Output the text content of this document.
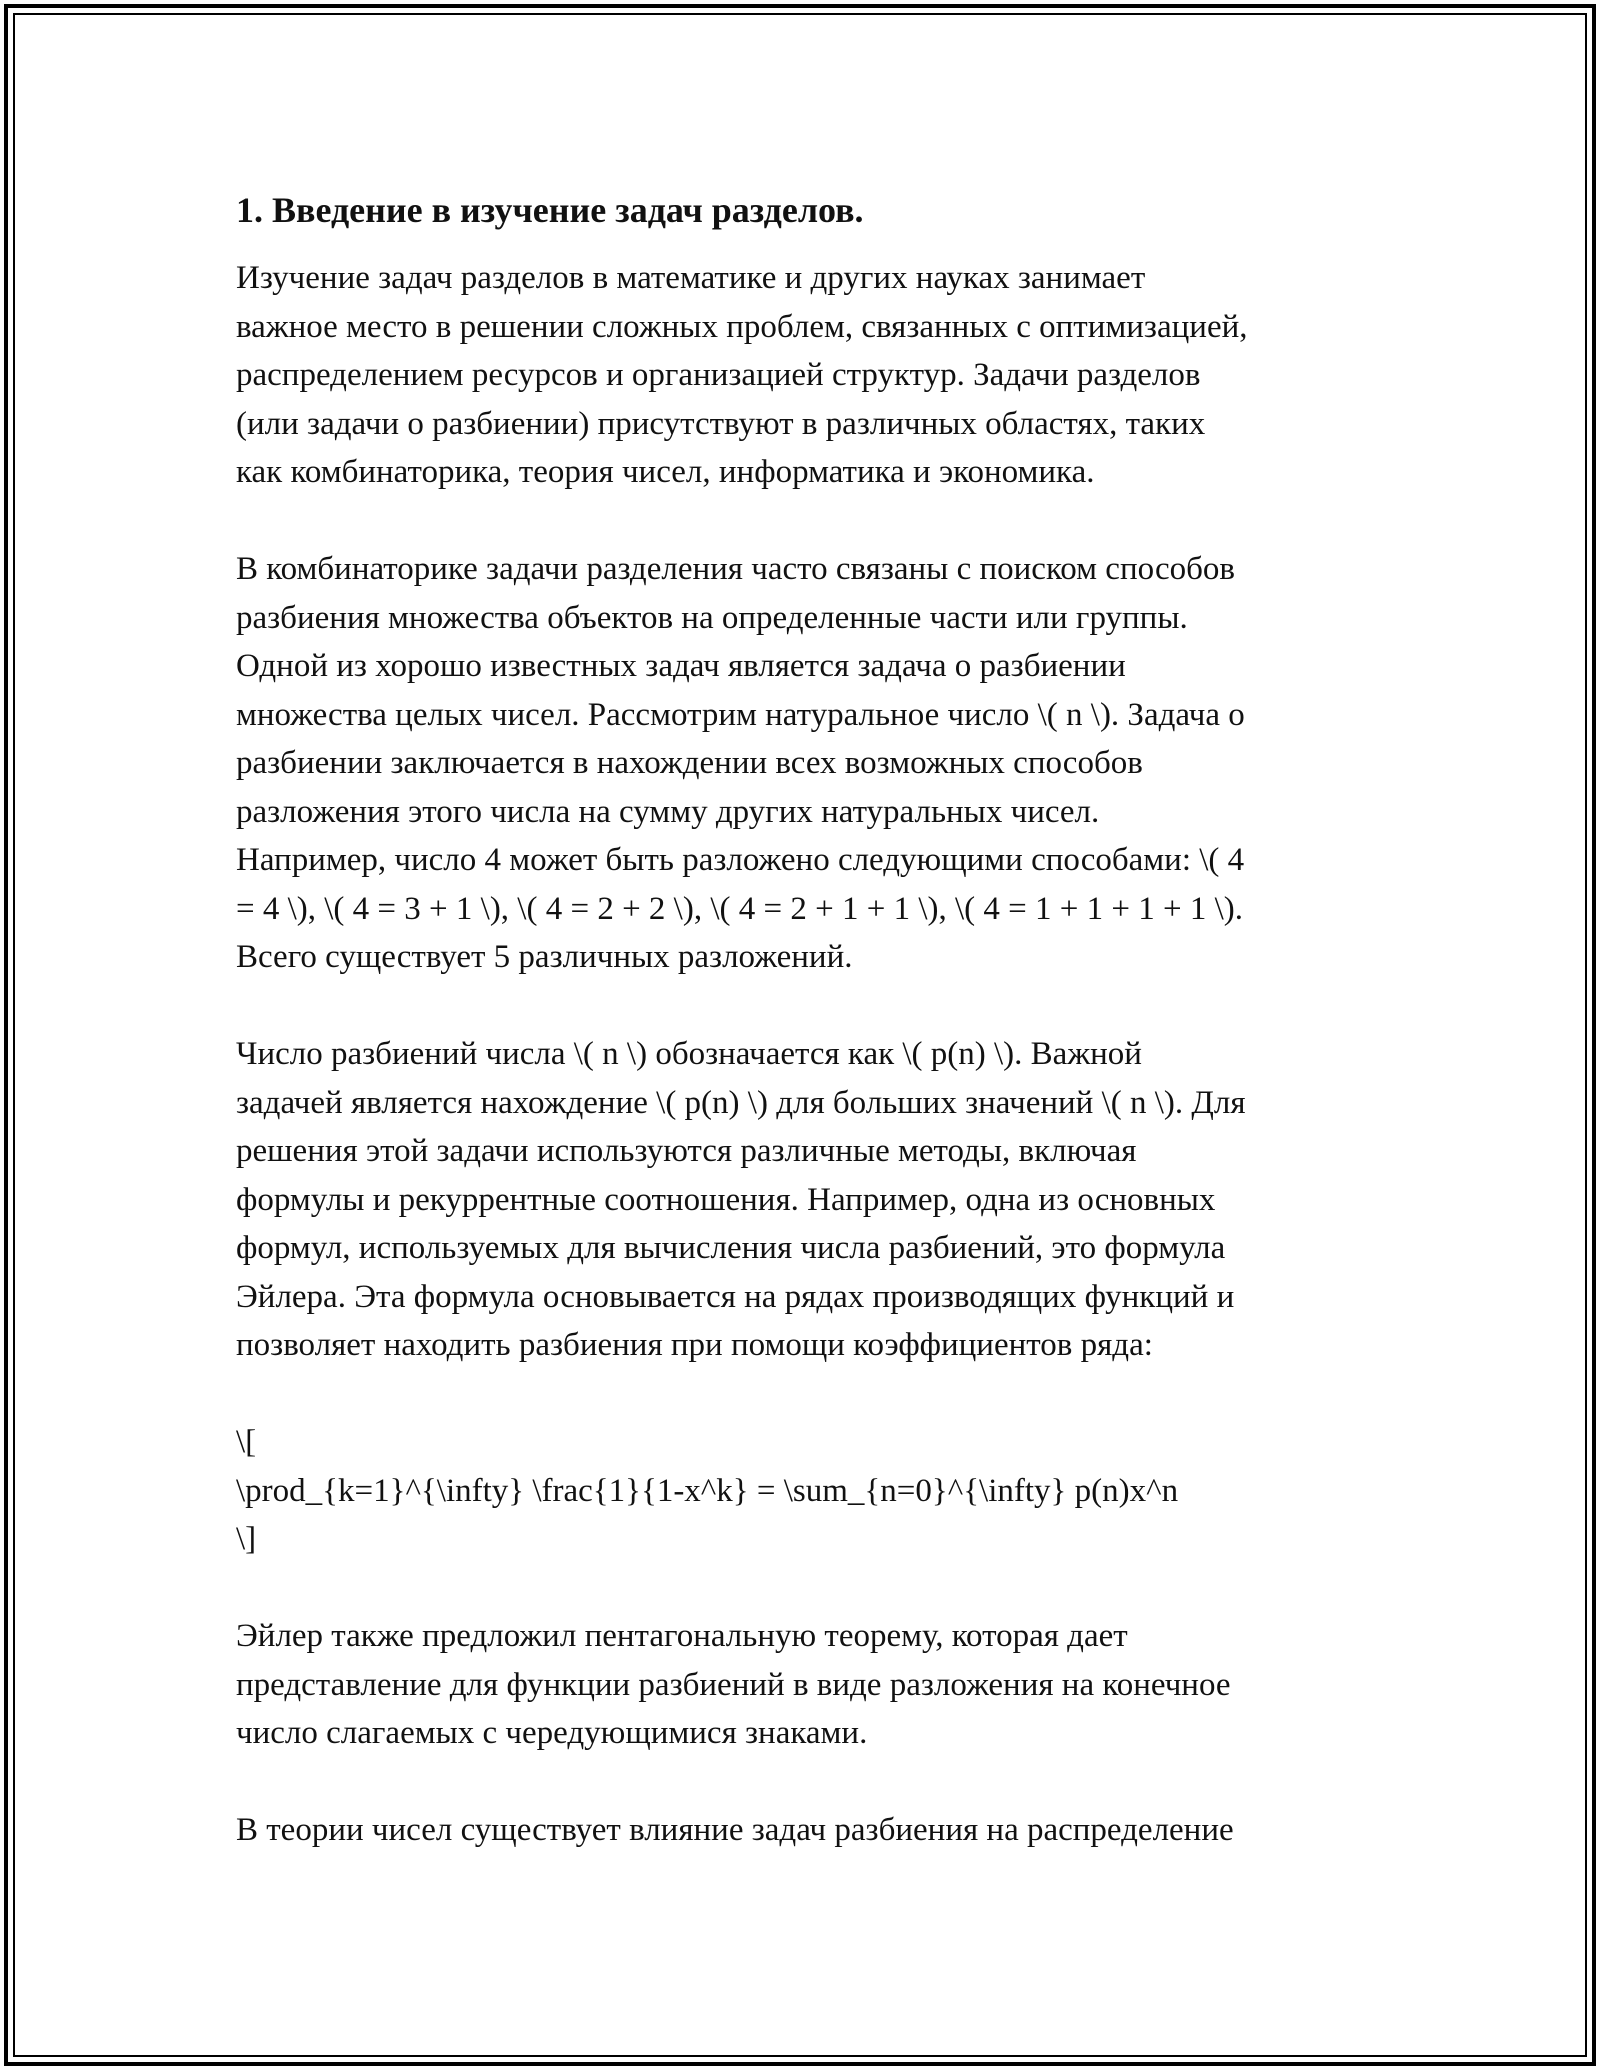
1. Введение в изучение задач разделов.
Изучение задач разделов в математике и других науках занимает
важное место в решении сложных проблем, связанных с оптимизацией,
распределением ресурсов и организацией структур. Задачи разделов
(или задачи о разбиении) присутствуют в различных областях, таких
как комбинаторика, теория чисел, информатика и экономика.
В комбинаторике задачи разделения часто связаны с поиском способов
разбиения множества объектов на определенные части или группы.
Одной из хорошо известных задач является задача о разбиении
множества целых чисел. Рассмотрим натуральное число \( n \). Задача о
разбиении заключается в нахождении всех возможных способов
разложения этого числа на сумму других натуральных чисел.
Например, число 4 может быть разложено следующими способами: \( 4
= 4 \), \( 4 = 3 + 1 \), \( 4 = 2 + 2 \), \( 4 = 2 + 1 + 1 \), \( 4 = 1 + 1 + 1 + 1 \).
Всего существует 5 различных разложений.
Число разбиений числа \( n \) обозначается как \( p(n) \). Важной
задачей является нахождение \( p(n) \) для больших значений \( n \). Для
решения этой задачи используются различные методы, включая
формулы и рекуррентные соотношения. Например, одна из основных
формул, используемых для вычисления числа разбиений, это формула
Эйлера. Эта формула основывается на рядах производящих функций и
позволяет находить разбиения при помощи коэффициентов ряда:
\[
\prod_{k=1}^{\infty} \frac{1}{1-x^k} = \sum_{n=0}^{\infty} p(n)x^n
\]
Эйлер также предложил пентагональную теорему, которая дает
представление для функции разбиений в виде разложения на конечное
число слагаемых с чередующимися знаками.
В теории чисел существует влияние задач разбиения на распределение
